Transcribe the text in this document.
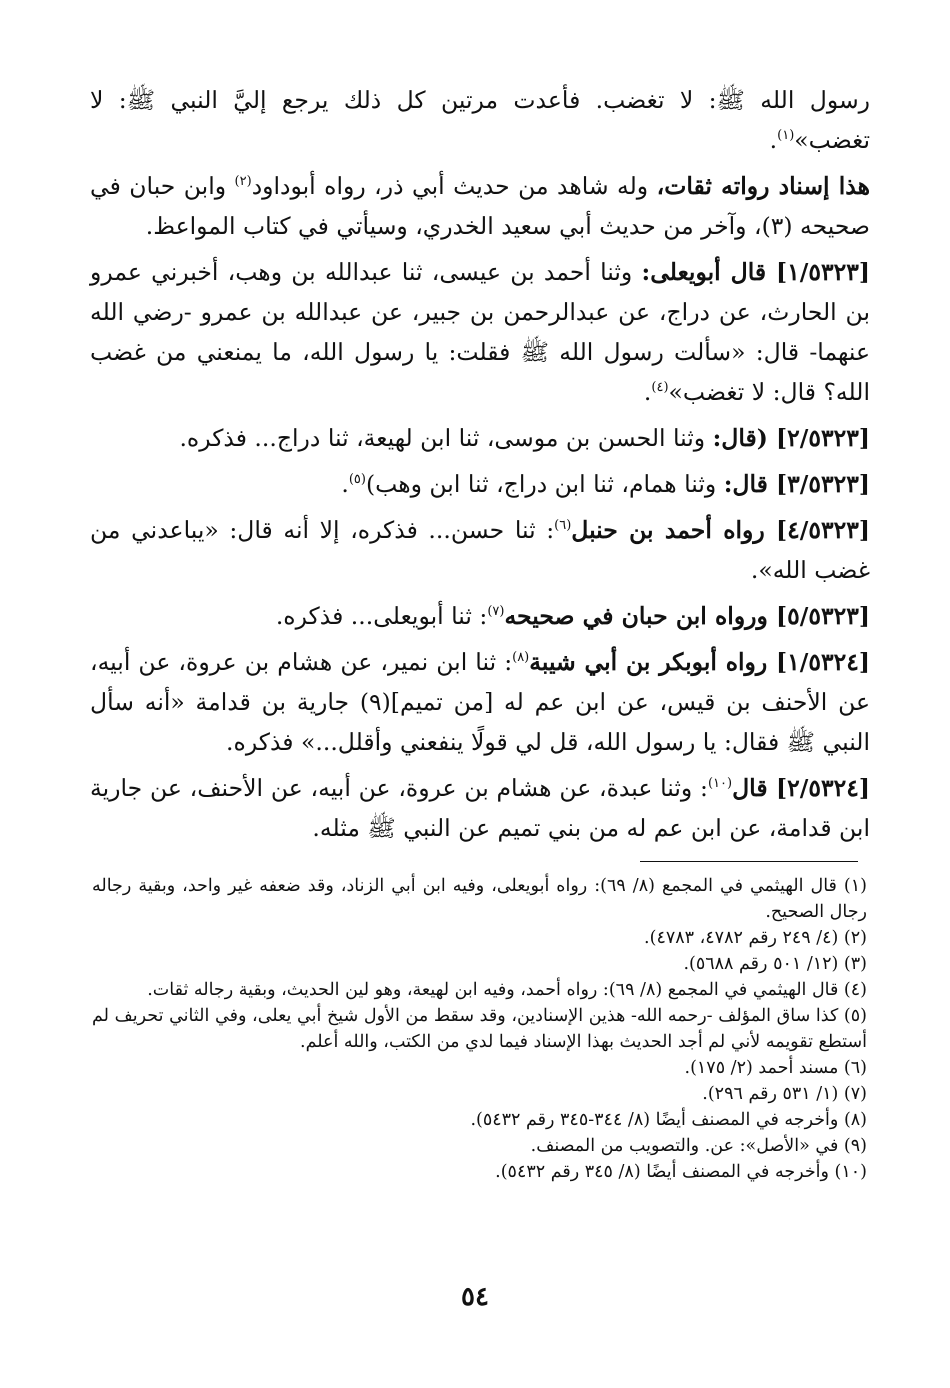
رسول الله ﷺ: لا تغضب. فأعدت مرتين كل ذلك يرجع إليَّ النبي ﷺ: لا تغضب»$^{(١)}$.

هذا إسناد رواته ثقات، وله شاهد من حديث أبي ذر، رواه أبوداود$^{(٢)}$ وابن حبان في صحيحه (٣)، وآخر من حديث أبي سعيد الخدري، وسيأتي في كتاب المواعظ.

[١/٥٣٢٣] قال أبويعلى: وثنا أحمد بن عيسى، ثنا عبدالله بن وهب، أخبرني عمرو بن الحارث، عن دراج، عن عبدالرحمن بن جبير، عن عبدالله بن عمرو -رضي الله عنهما- قال: «سألت رسول الله ﷺ فقلت: يا رسول الله، ما يمنعني من غضب الله؟ قال: لا تغضب»$^{(٤)}$.

[٢/٥٣٢٣] (قال: وثنا الحسن بن موسى، ثنا ابن لهيعة، ثنا دراج... فذكره.

[٣/٥٣٢٣] قال: وثنا همام، ثنا ابن دراج، ثنا ابن وهب)$^{(٥)}$.

[٤/٥٣٢٣] رواه أحمد بن حنبل$^{(٦)}$: ثنا حسن... فذكره، إلا أنه قال: «يباعدني من غضب الله».

[٥/٥٣٢٣] ورواه ابن حبان في صحيحه$^{(٧)}$: ثنا أبويعلى... فذكره.

[١/٥٣٢٤] رواه أبوبكر بن أبي شيبة$^{(٨)}$: ثنا ابن نمير، عن هشام بن عروة، عن أبيه، عن الأحنف بن قيس، عن ابن عم له [من تميم](٩) جارية بن قدامة «أنه سأل النبي ﷺ فقال: يا رسول الله، قل لي قولًا ينفعني وأقلل...» فذكره.

[٢/٥٣٢٤] قال$^{(١٠)}$: وثنا عبدة، عن هشام بن عروة، عن أبيه، عن الأحنف، عن جارية ابن قدامة، عن ابن عم له من بني تميم عن النبي ﷺ مثله.

(١) قال الهيثمي في المجمع (٨/ ٦٩): رواه أبويعلى، وفيه ابن أبي الزناد، وقد ضعفه غير واحد، وبقية رجاله رجال الصحيح.

(٢) (٤/ ٢٤٩ رقم ٤٧٨٢، ٤٧٨٣).

(٣) (١٢/ ٥٠١ رقم ٥٦٨٨).

(٤) قال الهيثمي في المجمع (٨/ ٦٩): رواه أحمد، وفيه ابن لهيعة، وهو لين الحديث، وبقية رجاله ثقات.

(٥) كذا ساق المؤلف -رحمه الله- هذين الإسنادين، وقد سقط من الأول شيخ أبي يعلى، وفي الثاني تحريف لم أستطع تقويمه لأني لم أجد الحديث بهذا الإسناد فيما لدي من الكتب، والله أعلم.

(٦) مسند أحمد (٢/ ١٧٥).

(٧) (١/ ٥٣١ رقم ٢٩٦).

(٨) وأخرجه في المصنف أيضًا (٨/ ٣٤٤-٣٤٥ رقم ٥٤٣٢).

(٩) في «الأصل»: عن. والتصويب من المصنف.

(١٠) وأخرجه في المصنف أيضًا (٨/ ٣٤٥ رقم ٥٤٣٢).

٥٤
